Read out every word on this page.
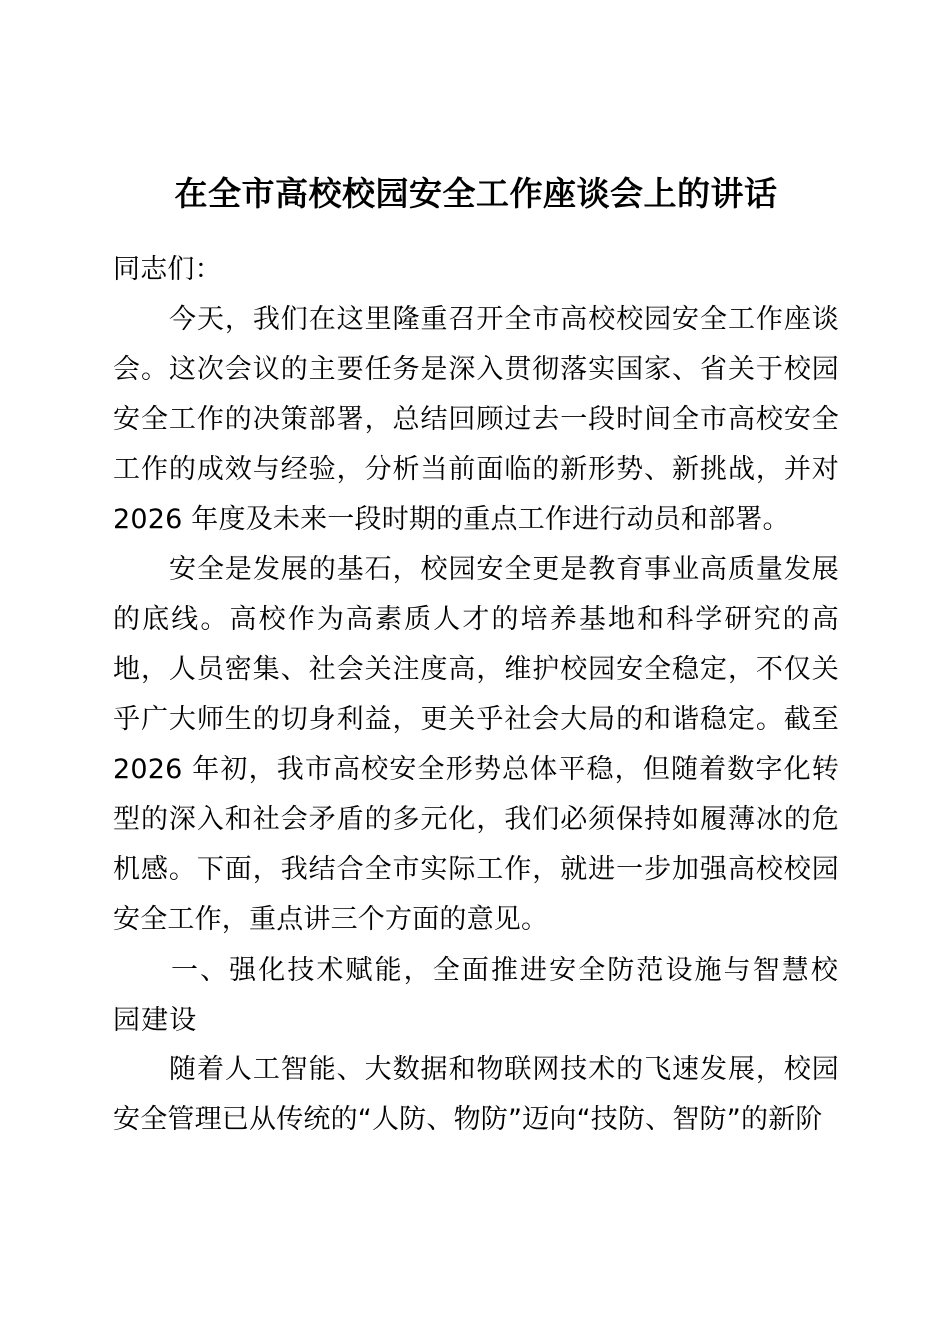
在全市高校校园安全工作座谈会上的讲话

同志们：

今天，我们在这里隆重召开全市高校校园安全工作座谈会。这次会议的主要任务是深入贯彻落实国家、省关于校园安全工作的决策部署，总结回顾过去一段时间全市高校安全工作的成效与经验，分析当前面临的新形势、新挑战，并对 2026 年度及未来一段时期的重点工作进行动员和部署。

安全是发展的基石，校园安全更是教育事业高质量发展的底线。高校作为高素质人才的培养基地和科学研究的高地，人员密集、社会关注度高，维护校园安全稳定，不仅关乎广大师生的切身利益，更关乎社会大局的和谐稳定。截至 2026 年初，我市高校安全形势总体平稳，但随着数字化转型的深入和社会矛盾的多元化，我们必须保持如履薄冰的危机感。下面，我结合全市实际工作，就进一步加强高校校园安全工作，重点讲三个方面的意见。

一、强化技术赋能，全面推进安全防范设施与智慧校园建设

随着人工智能、大数据和物联网技术的飞速发展，校园安全管理已从传统的“人防、物防”迈向“技防、智防”的新阶
